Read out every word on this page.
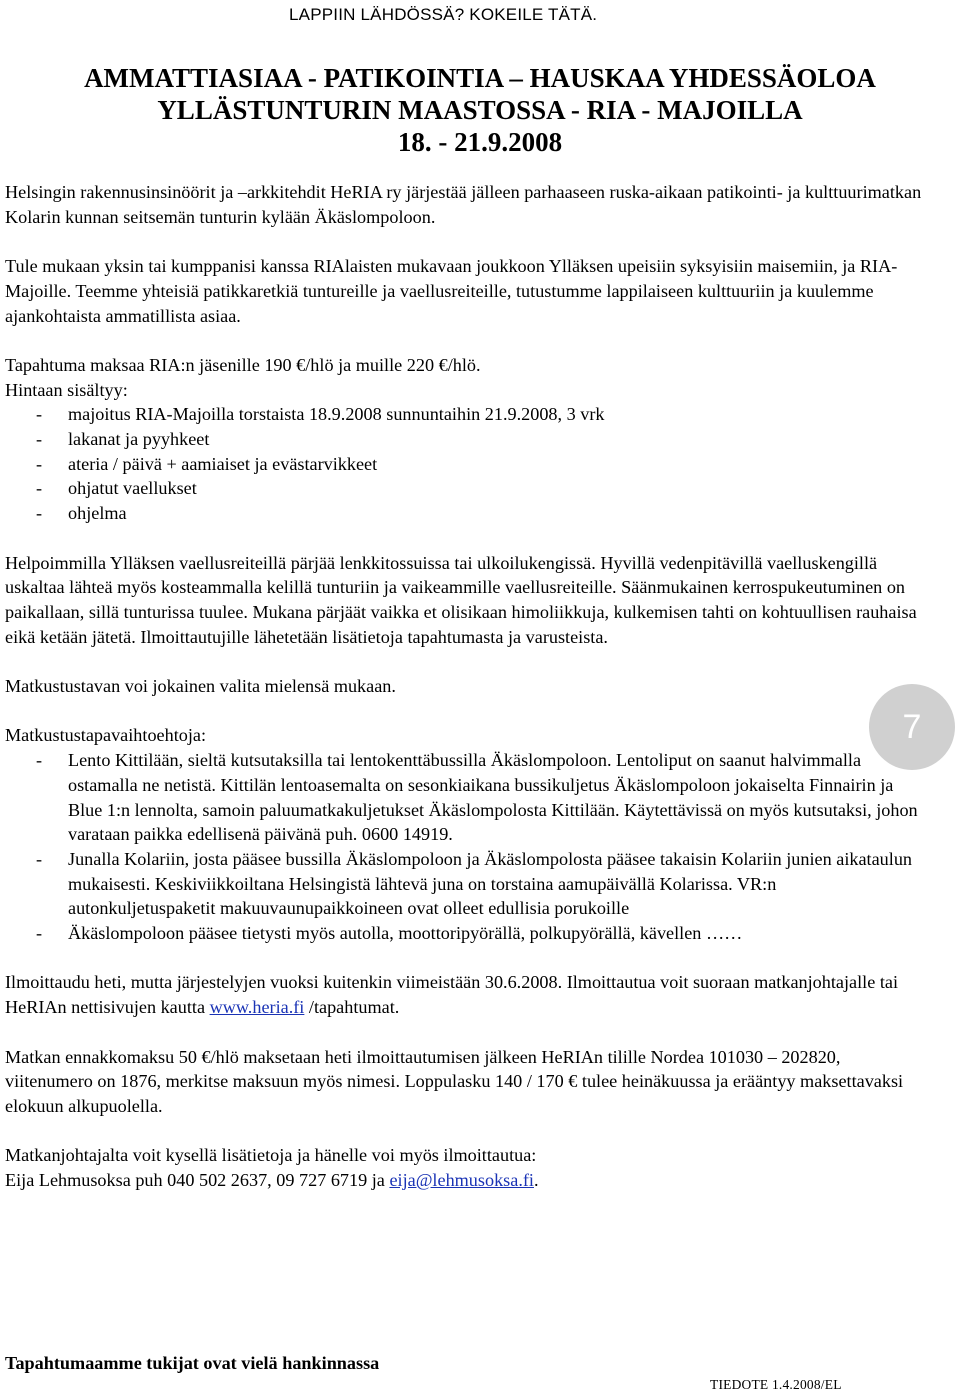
LAPPIIN LÄHDÖSSÄ? KOKEILE TÄTÄ.
AMMATTIASIAA - PATIKOINTIA – HAUSKAA YHDESSÄOLOA
YLLÄSTUNTURIN MAASTOSSA - RIA - MAJOILLA
18. - 21.9.2008

Helsingin rakennusinsinöörit ja –arkkitehdit HeRIA ry järjestää jälleen parhaaseen ruska-aikaan patikointi- ja kulttuurimatkan Kolarin kunnan seitsemän tunturin kylään Äkäslompoloon.

Tule mukaan yksin tai kumppanisi kanssa RIAlaisten mukavaan joukkoon Ylläksen upeisiin syksyisiin maisemiin, ja RIA-Majoille. Teemme yhteisiä patikkaretkiä tuntureille ja vaellusreiteille, tutustumme lappilaiseen kulttuuriin ja kuulemme ajankohtaista ammatillista asiaa.

Tapahtuma maksaa RIA:n jäsenille 190 €/hlö ja muille 220 €/hlö.

Hintaan sisältyy:

- majoitus RIA-Majoilla torstaista 18.9.2008 sunnuntaihin 21.9.2008, 3 vrk
- lakanat ja pyyhkeet
- ateria / päivä + aamiaiset ja evästarvikkeet
- ohjatut vaellukset
- ohjelma

Helpoimmilla Ylläksen vaellusreiteillä pärjää lenkkitossuissa tai ulkoilukengissä. Hyvillä vedenpitävillä vaelluskengillä uskaltaa lähteä myös kosteammalla kelillä tunturiin ja vaikeammille vaellusreiteille. Säänmukainen kerrospukeutuminen on paikallaan, sillä tunturissa tuulee. Mukana pärjäät vaikka et olisikaan himoliikkuja, kulkemisen tahti on kohtuullisen rauhaisa eikä ketään jätetä. Ilmoittautujille lähetetään lisätietoja tapahtumasta ja varusteista.

Matkustustavan voi jokainen valita mielensä mukaan.

Matkustustapavaihtoehtoja:

- Lento Kittilään, sieltä kutsutaksilla tai lentokenttäbussilla Äkäslompoloon. Lentoliput on saanut halvimmalla ostamalla ne netistä. Kittilän lentoasemalta on sesonkiaikana bussikuljetus Äkäslompoloon jokaiselta Finnairin ja Blue 1:n lennolta, samoin paluumatkakuljetukset Äkäslompolosta Kittilään. Käytettävissä on myös kutsutaksi, johon varataan paikka edellisenä päivänä puh. 0600 14919.
- Junalla Kolariin, josta pääsee bussilla Äkäslompoloon ja Äkäslompolosta pääsee takaisin Kolariin junien aikataulun mukaisesti. Keskiviikkoiltana Helsingistä lähtevä juna on torstaina aamupäivällä Kolarissa. VR:n autonkuljetuspaketit makuuvaunupaikkoineen ovat olleet edullisia porukoille
- Äkäslompoloon pääsee tietysti myös autolla, moottoripyörällä, polkupyörällä, kävellen ……

Ilmoittaudu heti, mutta järjestelyjen vuoksi kuitenkin viimeistään 30.6.2008. Ilmoittautua voit suoraan matkanjohtajalle tai HeRIAn nettisivujen kautta www.heria.fi /tapahtumat.

Matkan ennakkomaksu 50 €/hlö maksetaan heti ilmoittautumisen jälkeen HeRIAn tilille Nordea 101030 – 202820, viitenumero on 1876, merkitse maksuun myös nimesi. Loppulasku 140 / 170 € tulee heinäkuussa ja erääntyy maksettavaksi elokuun alkupuolella.

Matkanjohtajalta voit kysellä lisätietoja ja hänelle voi myös ilmoittautua:

Eija Lehmusoksa puh 040 502 2637, 09 727 6719 ja eija@lehmusoksa.fi.

7
Tapahtumaamme tukijat ovat vielä hankinnassa
TIEDOTE 1.4.2008/EL
